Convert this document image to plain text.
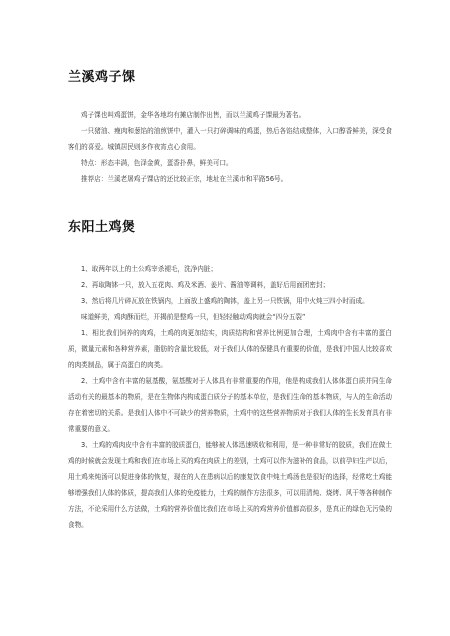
兰溪鸡子馃

鸡子馃也叫鸡蛋饼，金华各地均有摊店制作出售，而以兰溪鸡子馃最为著名。

一只猪油、瘦肉和葱馅的油煎饼中，灌入一只打碎调味的鸡蛋，热后各馅结成整体，入口醇香鲜美，深受食客们的喜爱。城镇居民则多作夜宵点心食用。

特点：形态丰满，色泽金黄，蛋香扑鼻，鲜美可口。

推荐店：兰溪老屠鸡子馃店的还比较正宗，地址在兰溪市和平路56号。

东阳土鸡煲

1、取两年以上的土公鸡宰杀褪毛，洗净内脏；

2、再取陶钵一只，放入五花肉、鸡及米酒、姜片、酱油等调料，盖好后用面团密封；

3、然后将几片碎瓦放在铁锅内，上面放上盛鸡的陶钵，盖上另一只铁锅，用中火炖三四小时而成。

味道鲜美，鸡肉酥而烂，开揭前是整鸡一只，但轻轻触动鸡肉就会“四分五裂”

1、相比我们饲养的肉鸡，土鸡的肉更加结实，肉质结构和营养比例更加合理，土鸡肉中含有丰富的蛋白质，微量元素和各种营养素，脂肪的含量比较低，对于我们人体的保健具有重要的价值，是我们中国人比较喜欢的肉类制品，属于高蛋白的肉类。

2、土鸡中含有丰富的氨基酸，氨基酸对于人体具有非常重要的作用，他是构成我们人体体蛋白质并同生命活动有关的最基本的物质，是在生物体内构成蛋白质分子的基本单位，是我们生命的基本物质，与人的生命活动存在着密切的关系。是我们人体中不可缺少的营养物质，土鸡中的这些营养物质对于我们人体的生长发育具有非常重要的意义。

3、土鸡的鸡肉皮中含有丰富的胶质蛋白，能够被人体迅速吸收和利用，是一种非常好的胶质，我们在做土鸡的时候就会发现土鸡和我们在市场上买的鸡在肉质上的差别，土鸡可以作为滋补的食品，以前孕妇生产以后，用土鸡来炖汤可以促进身体的恢复，现在的人在患病以后的康复饮食中炖土鸡汤也是很好的选择，经常吃土鸡能够增强我们人体的体质，提高我们人体的免疫能力，土鸡的制作方法很多，可以用清炖、烧烤、风干等各种制作方法，不论采用什么方法做，土鸡的营养价值比我们在市场上买的鸡营养价值都高很多，是真正的绿色无污染的食物。
